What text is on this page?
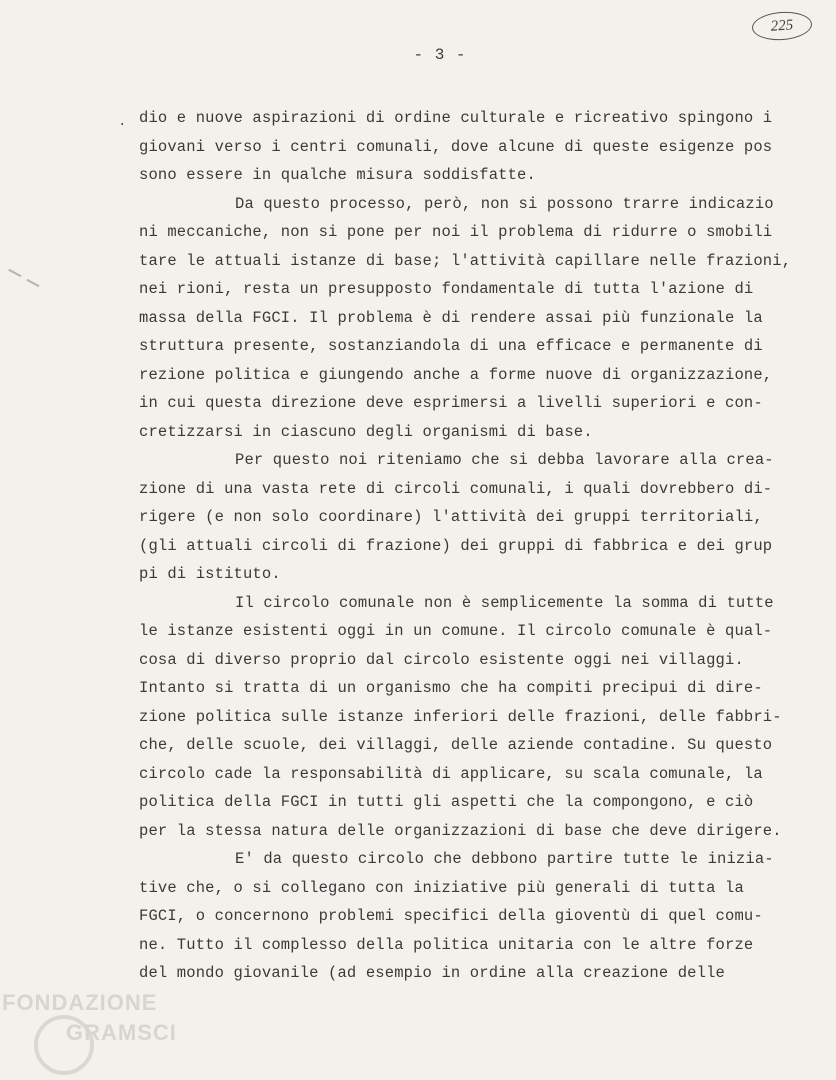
225
- 3 -
. dio e nuove aspirazioni di ordine culturale e ricreativo spingono i
giovani verso i centri comunali, dove alcune di queste esigenze pos
sono essere in qualche misura soddisfatte.
Da questo processo, però, non si possono trarre indicazio
ni meccaniche, non si pone per noi il problema di ridurre o smobili
tare le attuali istanze di base; l'attività capillare nelle frazioni,
nei rioni, resta un presupposto fondamentale di tutta l'azione di
massa della FGCI. Il problema è di rendere assai più funzionale la
struttura presente, sostanziandola di una efficace e permanente di
rezione politica e giungendo anche a forme nuove di organizzazione,
in cui questa direzione deve esprimersi a livelli superiori e con-
cretizzarsi in ciascuno degli organismi di base.
Per questo noi riteniamo che si debba lavorare alla crea-
zione di una vasta rete di circoli comunali, i quali dovrebbero di-
rigere (e non solo coordinare) l'attività dei gruppi territoriali,
(gli attuali circoli di frazione) dei gruppi di fabbrica e dei grup
pi di istituto.
Il circolo comunale non è semplicemente la somma di tutte
le istanze esistenti oggi in un comune. Il circolo comunale è qual-
cosa di diverso proprio dal circolo esistente oggi nei villaggi.
Intanto si tratta di un organismo che ha compiti precipui di dire-
zione politica sulle istanze inferiori delle frazioni, delle fabbri-
che, delle scuole, dei villaggi, delle aziende contadine. Su questo
circolo cade la responsabilità di applicare, su scala comunale, la
politica della FGCI in tutti gli aspetti che la compongono, e ciò
per la stessa natura delle organizzazioni di base che deve dirigere.
E' da questo circolo che debbono partire tutte le inizia-
tive che, o si collegano con iniziative più generali di tutta la
FGCI, o concernono problemi specifici della gioventù di quel comu-
ne. Tutto il complesso della politica unitaria con le altre forze
del mondo giovanile (ad esempio in ordine alla creazione delle
FONDAZIONE
GRAMSCI
